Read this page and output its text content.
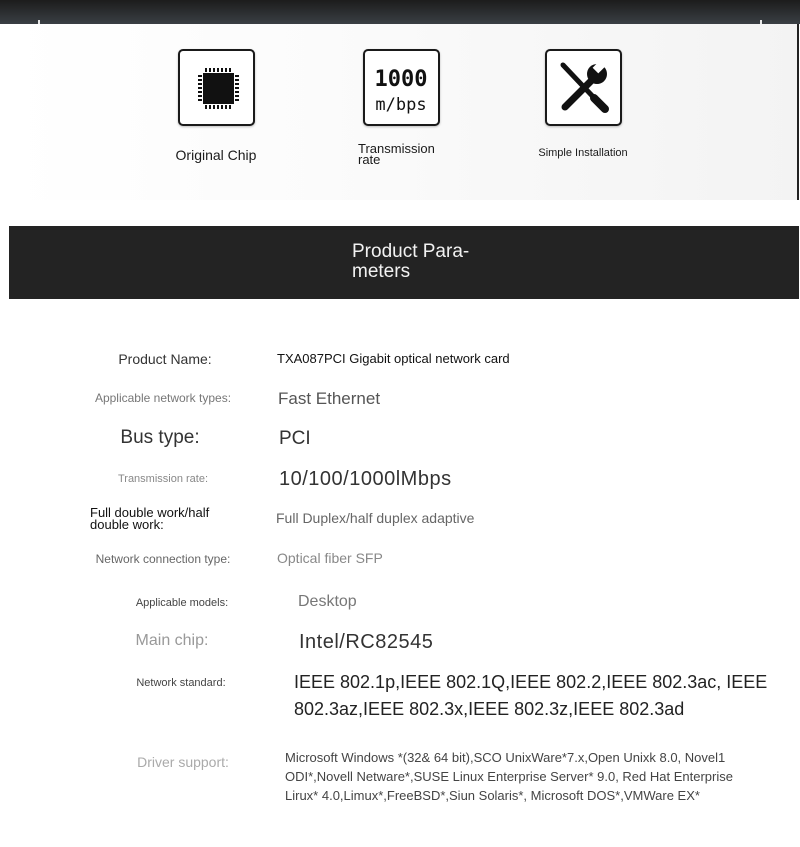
Original Chip
1000
m/bps
Transmission rate	Simple Installation
Product Para-meters
Product Name:	TXA087PCI Gigabit optical network card
Applicable network types:	Fast Ethernet
Bus type:	PCI
Transmission rate:	10/100/1000lMbps
Full double work/half double work:	Full Duplex/half duplex adaptive
Network connection type:	Optical fiber SFP
Applicable models:	Desktop
Main chip:	Intel/RC82545
Network standard:	IEEE 802.1p,IEEE 802.1Q,IEEE 802.2,IEEE 802.3ac, IEEE 802.3az,IEEE 802.3x,IEEE 802.3z,IEEE 802.3ad
Driver support:	Microsoft Windows *(32& 64 bit),SCO UnixWare*7.x,Open Unixk 8.0, Novel1 ODI*,Novell Netware*,SUSE Linux Enterprise Server* 9.0, Red Hat Enterprise Lirux* 4.0,Limux*,FreeBSD*,Siun Solaris*, Microsoft DOS*,VMWare EX*
